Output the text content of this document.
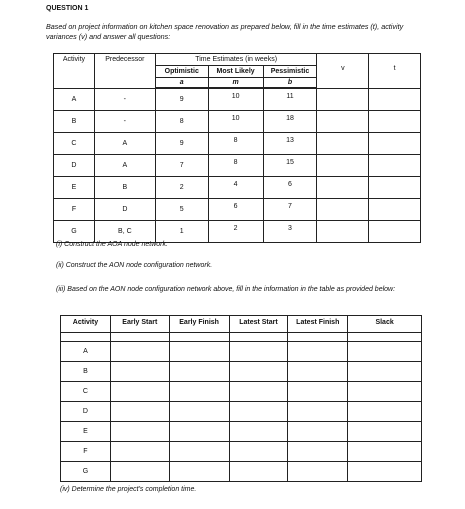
QUESTION 1
Based on project information on kitchen space renovation as prepared below, fill in the time estimates (t), activity variances (v) and answer all questions:
Activity	Predecessor	Time Estimates (in weeks)			v	t
		Optimistic	Most Likely	Pessimistic		
		a	m	b		

A	-	9	10	11		
B	-	8	10	18		
C	A	9	8	13		
D	A	7	8	15		
E	B	2	4	6		
F	D	5	6	7		
G	B, C	1	2	3		
(i) Construct the AOA node network.
(ii) Construct the AON node configuration network.
(iii) Based on the AON node configuration network above, fill in the information in the table as provided below:
Activity	Early Start	Early Finish	Latest Start	Latest Finish	Slack

A					
B					
C					
D					
E					
F					
G					
(iv) Determine the project's completion time.
